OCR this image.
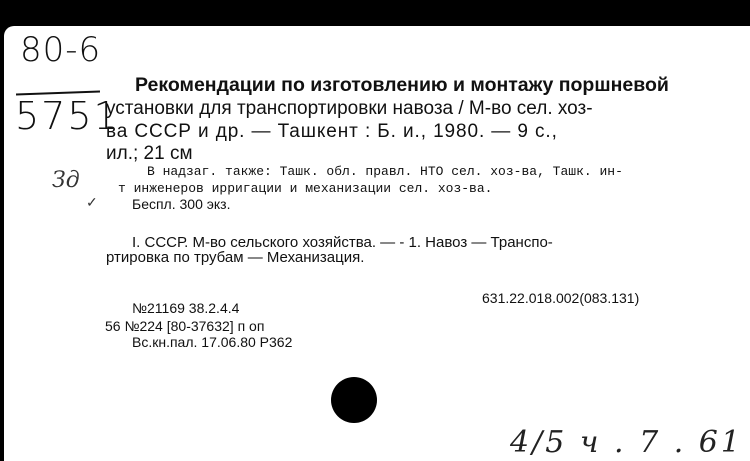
80-6
5751
Рекомендации по изготовлению и монтажу поршневой
установки для транспортировки навоза / М-во сел. хоз-
ва СССР и др. — Ташкент : Б. и., 1980. — 9 с.,
ил.; 21 см
В надзаг. также: Ташк. обл. правл. НТО сел. хоз-ва, Ташк. ин-
т инженеров ирригации и механизации сел. хоз-ва.
Беспл. 300 экз.
I. СССР. М-во сельского хозяйства. — - 1. Навоз — Транспо-
ртировка по трубам — Механизация.
631.22.018.002(083.131)
№21169 38.2.4.4
56 №224 [80-37632] п оп
Вс.кн.пал. 17.06.80 Р362
Зд
✓
4/5 ч . 7 . 61
